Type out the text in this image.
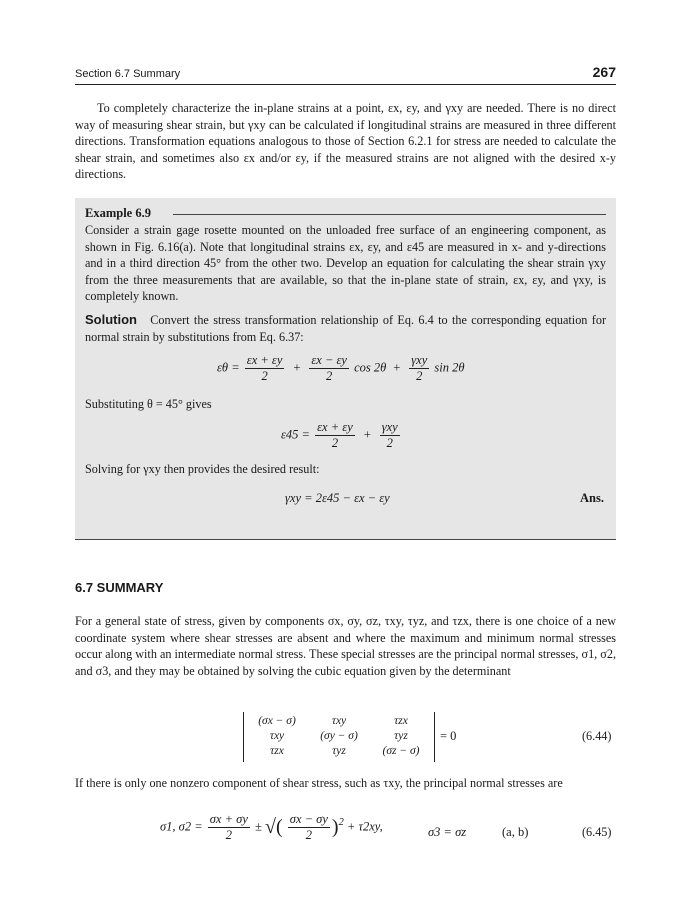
Section 6.7 Summary	267
To completely characterize the in-plane strains at a point, εx, εy, and γxy are needed. There is no direct way of measuring shear strain, but γxy can be calculated if longitudinal strains are measured in three different directions. Transformation equations analogous to those of Section 6.2.1 for stress are needed to calculate the shear strain, and sometimes also εx and/or εy, if the measured strains are not aligned with the desired x-y directions.
Example 6.9
Consider a strain gage rosette mounted on the unloaded free surface of an engineering component, as shown in Fig. 6.16(a). Note that longitudinal strains εx, εy, and ε45 are measured in x- and y-directions and in a third direction 45° from the other two. Develop an equation for calculating the shear strain γxy from the three measurements that are available, so that the in-plane state of strain, εx, εy, and γxy, is completely known.
Solution Convert the stress transformation relationship of Eq. 6.4 to the corresponding equation for normal strain by substitutions from Eq. 6.37:
$\varepsilon\theta = \frac{\varepsilon x + \varepsilon y}{2} + \frac{\varepsilon x - \varepsilon y}{2}$ $\cos 2\theta + \frac{\text{γxy}}{2}$ sin 2θ
Substituting θ = 45° gives
$\varepsilon 45 = \frac{\varepsilon x + \varepsilon y}{2} + \frac{\text{γxy}}{2}$
Solving for γxy then provides the desired result:
γxy = 2ε45 − εx − εy	Ans.
6.7 SUMMARY
For a general state of stress, given by components σx, σy, σz, τxy, τyz, and τzx, there is one choice of a new coordinate system where shear stresses are absent and where the maximum and minimum normal stresses occur along with an intermediate normal stress. These special stresses are the principal normal stresses, σ1, σ2, and σ3, and they may be obtained by solving the cubic equation given by the determinant
(σx − σ)	τxy	τzx
τxy	(σy − σ)	τyz
τzx	τyz	(σz − σ)
= 0	(6.44)
If there is only one nonzero component of shear stress, such as τxy, the principal normal stresses are
σ1, $\sigma 2 = \frac{\sigma x + \sigma y}{2}$ ± √( $\frac{\sigma x - \sigma y}{2} )^2 + \tau 2xy$,	σ3 = σz	(a, b)	(6.45)
